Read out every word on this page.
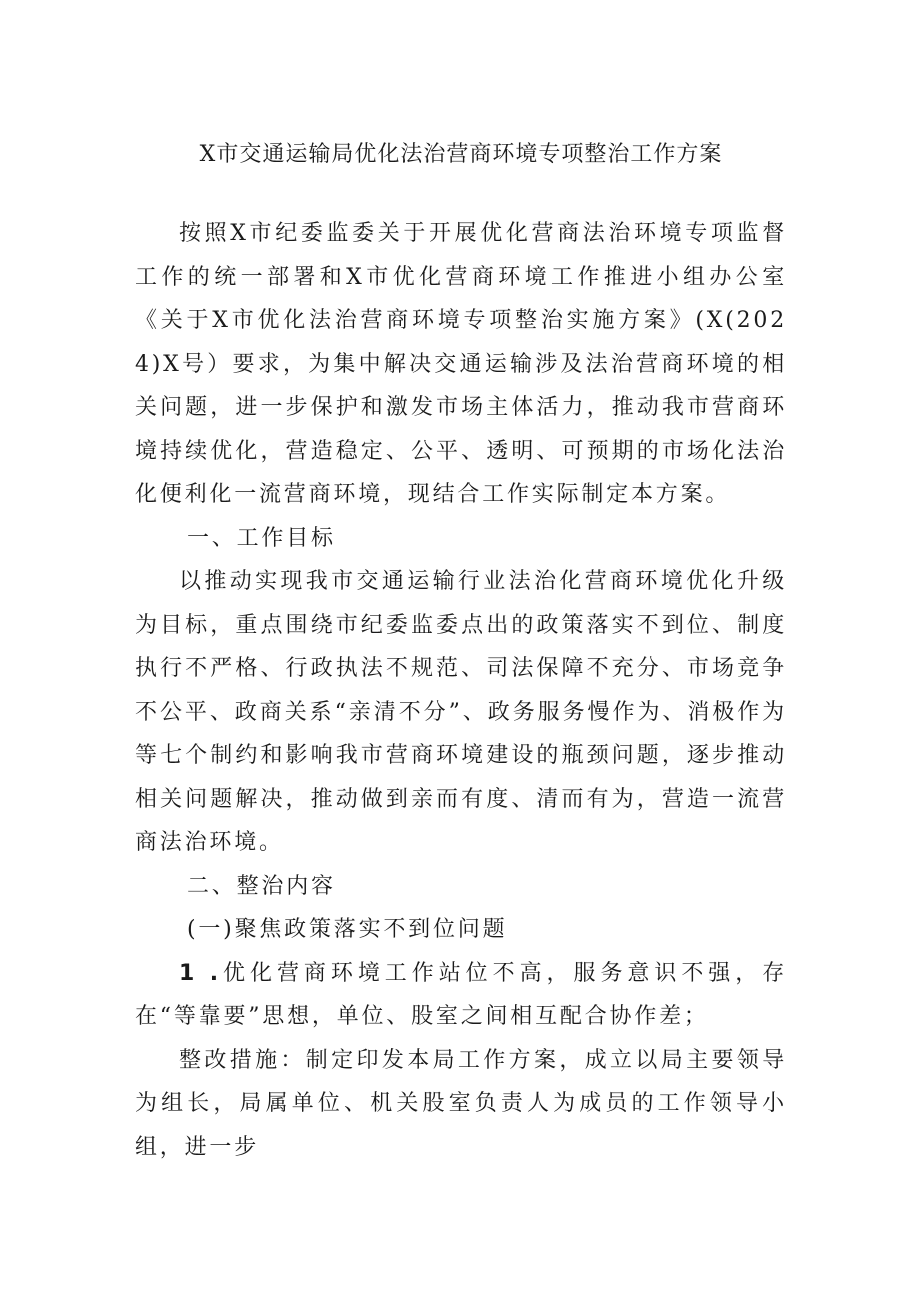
X市交通运输局优化法治营商环境专项整治工作方案

按照X市纪委监委关于开展优化营商法治环境专项监督工作的统一部署和X市优化营商环境工作推进小组办公室《关于X市优化法治营商环境专项整治实施方案》(X(2024)X号）要求，为集中解决交通运输涉及法治营商环境的相关问题，进一步保护和激发市场主体活力，推动我市营商环境持续优化，营造稳定、公平、透明、可预期的市场化法治化便利化一流营商环境，现结合工作实际制定本方案。

一、工作目标

以推动实现我市交通运输行业法治化营商环境优化升级为目标，重点围绕市纪委监委点出的政策落实不到位、制度执行不严格、行政执法不规范、司法保障不充分、市场竞争不公平、政商关系“亲清不分”、政务服务慢作为、消极作为等七个制约和影响我市营商环境建设的瓶颈问题，逐步推动相关问题解决，推动做到亲而有度、清而有为，营造一流营商法治环境。

二、整治内容

(一)聚焦政策落实不到位问题

1 .优化营商环境工作站位不高，服务意识不强，存在“等靠要”思想，单位、股室之间相互配合协作差；

整改措施：制定印发本局工作方案，成立以局主要领导为组长，局属单位、机关股室负责人为成员的工作领导小组，进一步
